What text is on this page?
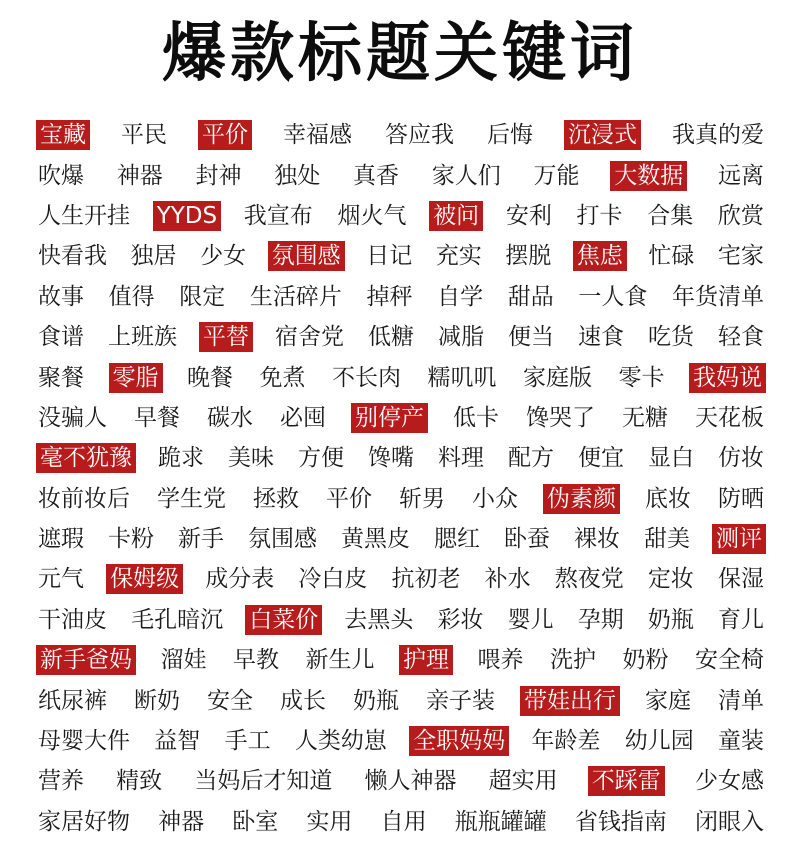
爆款标题关键词
宝藏 平民 平价 幸福感 答应我 后悔 沉浸式 我真的爱
吹爆 神器 封神 独处 真香 家人们 万能 大数据 远离
人生开挂 YYDS 我宣布 烟火气 被问 安利 打卡 合集 欣赏
快看我 独居 少女 氛围感 日记 充实 摆脱 焦虑 忙碌 宅家
故事 值得 限定 生活碎片 掉秤 自学 甜品 一人食 年货清单
食谱 上班族 平替 宿舍党 低糖 减脂 便当 速食 吃货 轻食
聚餐 零脂 晚餐 免煮 不长肉 糯叽叽 家庭版 零卡 我妈说
没骗人 早餐 碳水 必囤 别停产 低卡 馋哭了 无糖 天花板
毫不犹豫 跪求 美味 方便 馋嘴 料理 配方 便宜 显白 仿妆
妆前妆后 学生党 拯救 平价 斩男 小众 伪素颜 底妆 防晒
遮瑕 卡粉 新手 氛围感 黄黑皮 腮红 卧蚕 裸妆 甜美 测评
元气 保姆级 成分表 冷白皮 抗初老 补水 熬夜党 定妆 保湿
干油皮 毛孔暗沉 白菜价 去黑头 彩妆 婴儿 孕期 奶瓶 育儿
新手爸妈 溜娃 早教 新生儿 护理 喂养 洗护 奶粉 安全椅
纸尿裤 断奶 安全 成长 奶瓶 亲子装 带娃出行 家庭 清单
母婴大件 益智 手工 人类幼崽 全职妈妈 年龄差 幼儿园 童装
营养 精致 当妈后才知道 懒人神器 超实用 不踩雷 少女感
家居好物 神器 卧室 实用 自用 瓶瓶罐罐 省钱指南 闭眼入
